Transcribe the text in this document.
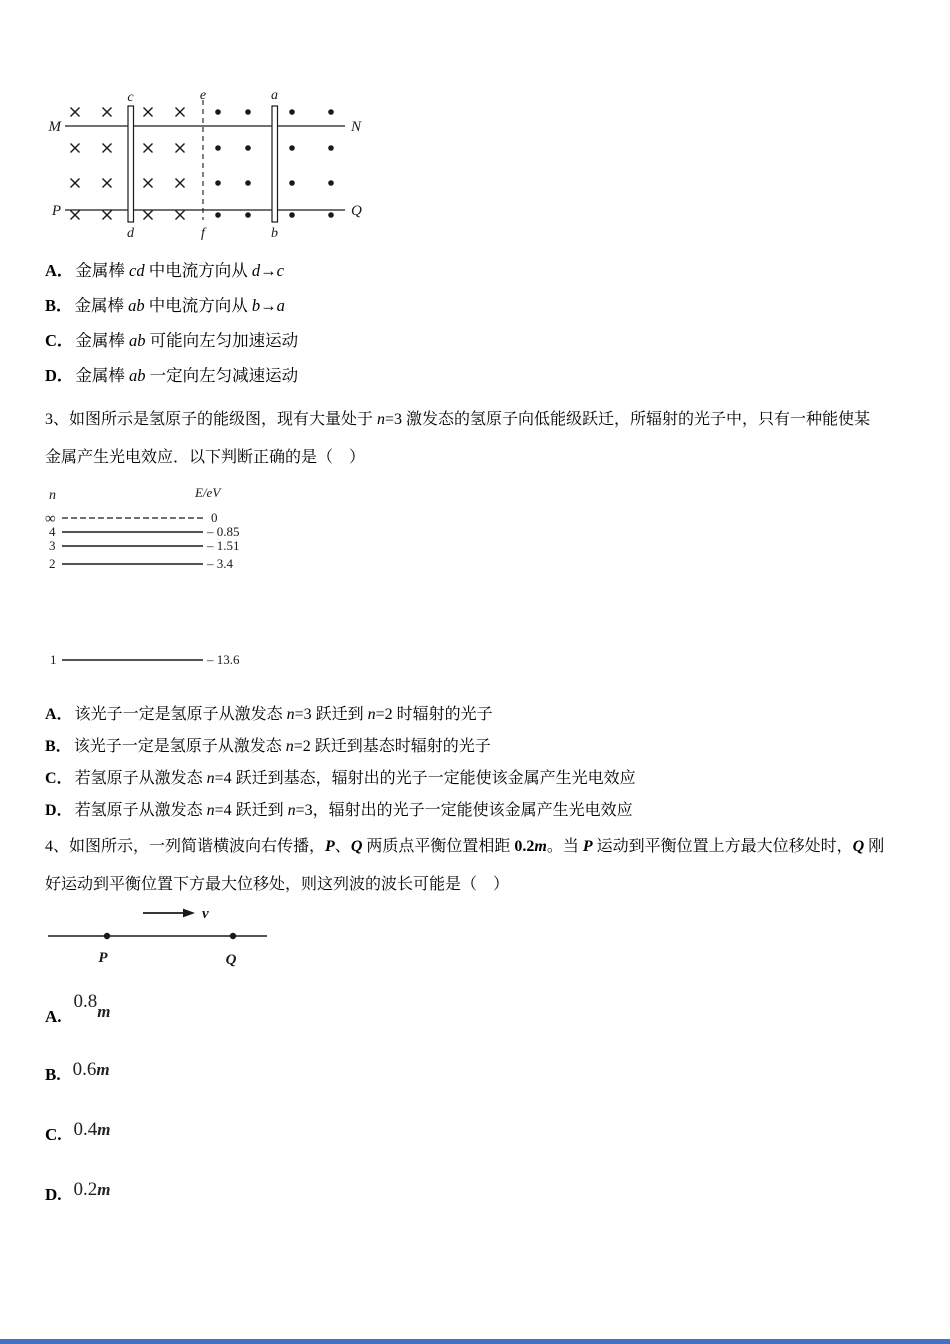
M	N
P	Q
c
d
e
f
a
b
A． 金属棒 cd 中电流方向从 d→c
B． 金属棒 ab 中电流方向从 b→a
C． 金属棒 ab 可能向左匀加速运动
D． 金属棒 ab 一定向左匀减速运动
3、如图所示是氢原子的能级图，现有大量处于 n=3 激发态的氢原子向低能级跃迁，所辐射的光子中，只有一种能使某
金属产生光电效应．以下判断正确的是（　）
n	E/eV
∞	0
4	– 0.85
3	– 1.51
2	– 3.4
1	– 13.6
A． 该光子一定是氢原子从激发态 n=3 跃迁到 n=2 时辐射的光子
B． 该光子一定是氢原子从激发态 n=2 跃迁到基态时辐射的光子
C． 若氢原子从激发态 n=4 跃迁到基态，辐射出的光子一定能使该金属产生光电效应
D． 若氢原子从激发态 n=4 跃迁到 n=3，辐射出的光子一定能使该金属产生光电效应
4、如图所示，一列简谐横波向右传播，P、Q 两质点平衡位置相距 0.2m。当 P 运动到平衡位置上方最大位移处时，Q 刚
好运动到平衡位置下方最大位移处，则这列波的波长可能是（　）
v
P	Q
A.
0.8m
B. 0.6m
C. 0.4m
D. 0.2m
